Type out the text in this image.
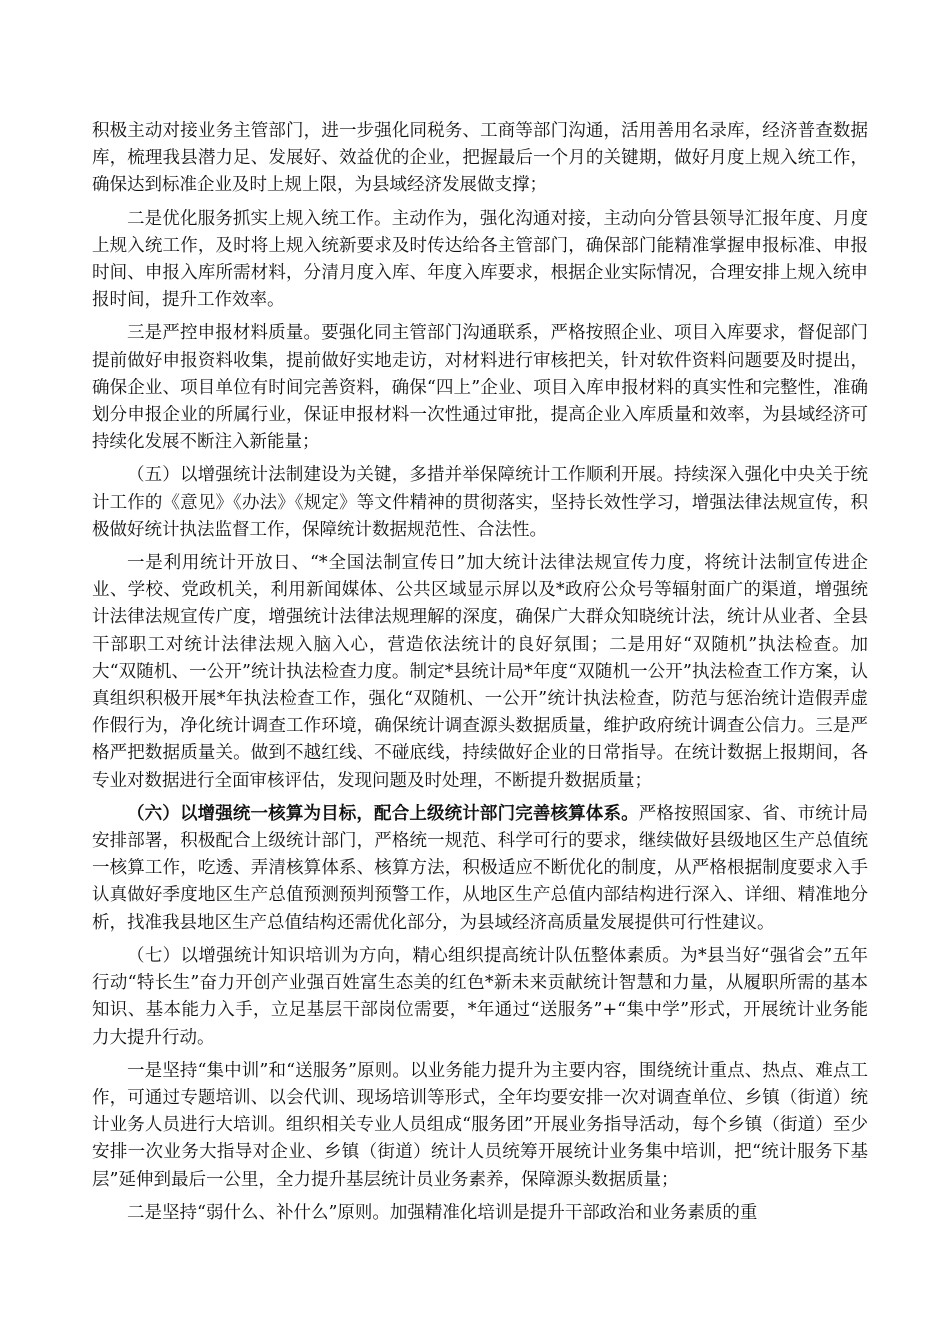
积极主动对接业务主管部门，进一步强化同税务、工商等部门沟通，活用善用名录库，经济普查数据库，梳理我县潜力足、发展好、效益优的企业，把握最后一个月的关键期，做好月度上规入统工作，确保达到标准企业及时上规上限，为县域经济发展做支撑；

二是优化服务抓实上规入统工作。主动作为，强化沟通对接，主动向分管县领导汇报年度、月度上规入统工作，及时将上规入统新要求及时传达给各主管部门，确保部门能精准掌握申报标准、申报时间、申报入库所需材料，分清月度入库、年度入库要求，根据企业实际情况，合理安排上规入统申报时间，提升工作效率。

三是严控申报材料质量。要强化同主管部门沟通联系，严格按照企业、项目入库要求，督促部门提前做好申报资料收集，提前做好实地走访，对材料进行审核把关，针对软件资料问题要及时提出，确保企业、项目单位有时间完善资料，确保“四上”企业、项目入库申报材料的真实性和完整性，准确划分申报企业的所属行业，保证申报材料一次性通过审批，提高企业入库质量和效率，为县域经济可持续化发展不断注入新能量；

（五）以增强统计法制建设为关键，多措并举保障统计工作顺利开展。持续深入强化中央关于统计工作的《意见》《办法》《规定》等文件精神的贯彻落实，坚持长效性学习，增强法律法规宣传，积极做好统计执法监督工作，保障统计数据规范性、合法性。

一是利用统计开放日、“*全国法制宣传日”加大统计法律法规宣传力度，将统计法制宣传进企业、学校、党政机关，利用新闻媒体、公共区域显示屏以及*政府公众号等辐射面广的渠道，增强统计法律法规宣传广度，增强统计法律法规理解的深度，确保广大群众知晓统计法，统计从业者、全县干部职工对统计法律法规入脑入心，营造依法统计的良好氛围；二是用好“双随机”执法检查。加大“双随机、一公开”统计执法检查力度。制定*县统计局*年度“双随机一公开”执法检查工作方案，认真组织积极开展*年执法检查工作，强化“双随机、一公开”统计执法检查，防范与惩治统计造假弄虚作假行为，净化统计调查工作环境，确保统计调查源头数据质量，维护政府统计调查公信力。三是严格严把数据质量关。做到不越红线、不碰底线，持续做好企业的日常指导。在统计数据上报期间，各专业对数据进行全面审核评估，发现问题及时处理，不断提升数据质量；

（六）以增强统一核算为目标，配合上级统计部门完善核算体系。严格按照国家、省、市统计局安排部署，积极配合上级统计部门，严格统一规范、科学可行的要求，继续做好县级地区生产总值统一核算工作，吃透、弄清核算体系、核算方法，积极适应不断优化的制度，从严格根据制度要求入手认真做好季度地区生产总值预测预判预警工作，从地区生产总值内部结构进行深入、详细、精准地分析，找准我县地区生产总值结构还需优化部分，为县域经济高质量发展提供可行性建议。

（七）以增强统计知识培训为方向，精心组织提高统计队伍整体素质。为*县当好“强省会”五年行动“特长生”奋力开创产业强百姓富生态美的红色*新未来贡献统计智慧和力量，从履职所需的基本知识、基本能力入手，立足基层干部岗位需要，*年通过“送服务”+“集中学”形式，开展统计业务能力大提升行动。

一是坚持“集中训”和“送服务”原则。以业务能力提升为主要内容，围绕统计重点、热点、难点工作，可通过专题培训、以会代训、现场培训等形式，全年均要安排一次对调查单位、乡镇（街道）统计业务人员进行大培训。组织相关专业人员组成“服务团”开展业务指导活动，每个乡镇（街道）至少安排一次业务大指导对企业、乡镇（街道）统计人员统筹开展统计业务集中培训，把“统计服务下基层”延伸到最后一公里，全力提升基层统计员业务素养，保障源头数据质量；

二是坚持“弱什么、补什么”原则。加强精准化培训是提升干部政治和业务素质的重
